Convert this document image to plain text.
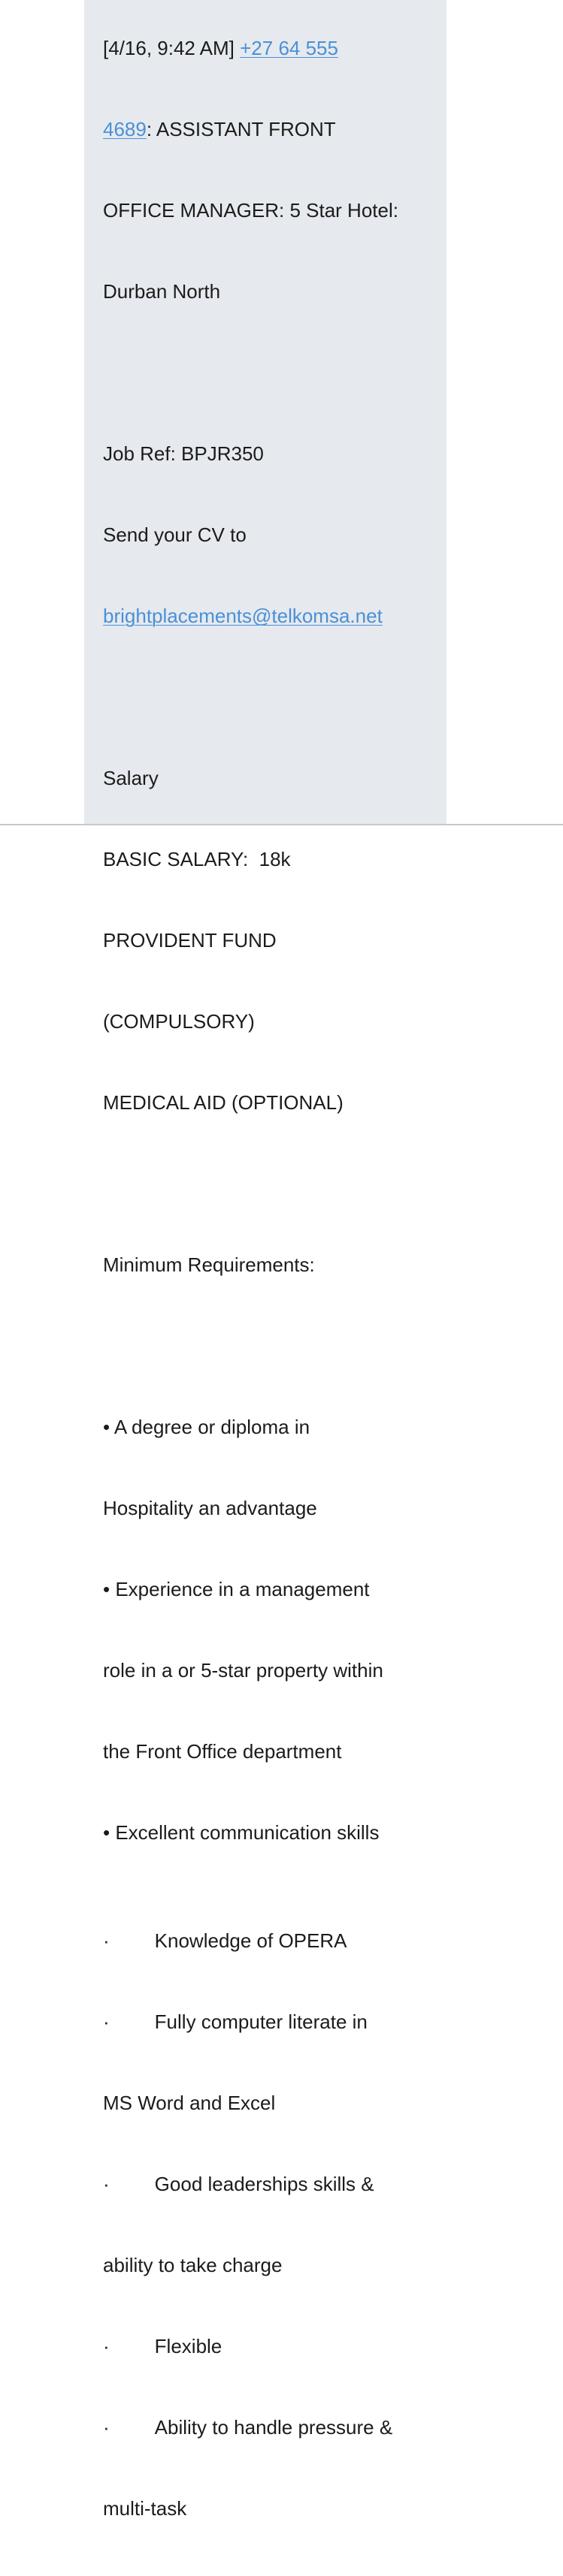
[4/16, 9:42 AM] +27 64 555

4689: ASSISTANT FRONT

OFFICE MANAGER: 5 Star Hotel:

Durban North

Job Ref: BPJR350

Send your CV to

brightplacements@telkomsa.net

Salary

BASIC SALARY:  18k

PROVIDENT FUND

(COMPULSORY)

MEDICAL AID (OPTIONAL)

Minimum Requirements:

• A degree or diploma in

Hospitality an advantage

• Experience in a management

role in a or 5-star property within

the Front Office department

• Excellent communication skills

· Knowledge of OPERA

· Fully computer literate in

MS Word and Excel

· Good leaderships skills &

ability to take charge

· Flexible

· Ability to handle pressure &

multi-task
